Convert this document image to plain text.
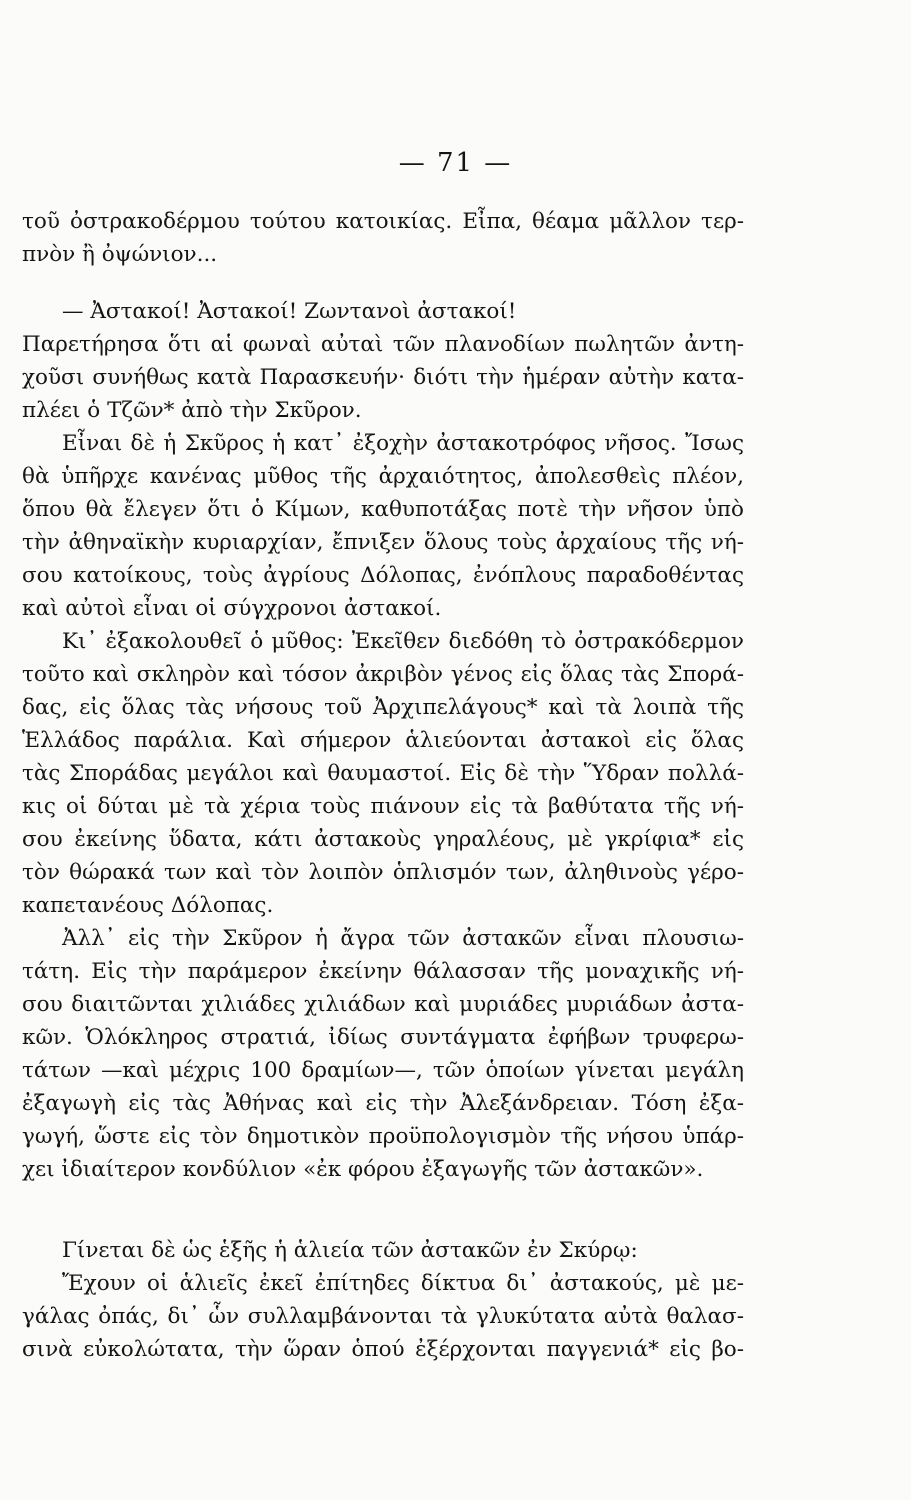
— 71 —
τοῦ ὀστρακοδέρμου τούτου κατοικίας. Εἶπα, θέαμα μᾶλλον τερ-
πνὸν ἢ ὀψώνιον...
— Ἀστακοί! Ἀστακοί! Ζωντανοὶ ἀστακοί!
Παρετήρησα ὅτι αἱ φωναὶ αὐταὶ τῶν πλανοδίων πωλητῶν ἀντη-
χοῦσι συνήθως κατὰ Παρασκευήν· διότι τὴν ἡμέραν αὐτὴν κατα-
πλέει ὁ Τζῶν* ἀπὸ τὴν Σκῦρον.
Εἶναι δὲ ἡ Σκῦρος ἡ κατ᾽ ἐξοχὴν ἀστακοτρόφος νῆσος. Ἴσως
θὰ ὑπῆρχε κανένας μῦθος τῆς ἀρχαιότητος, ἀπολεσθεὶς πλέον,
ὅπου θὰ ἔλεγεν ὅτι ὁ Κίμων, καθυποτάξας ποτὲ τὴν νῆσον ὑπὸ
τὴν ἀθηναϊκὴν κυριαρχίαν, ἔπνιξεν ὅλους τοὺς ἀρχαίους τῆς νή-
σου κατοίκους, τοὺς ἀγρίους Δόλοπας, ἐνόπλους παραδοθέντας
καὶ αὐτοὶ εἶναι οἱ σύγχρονοι ἀστακοί.
Κι᾽ ἐξακολουθεῖ ὁ μῦθος: Ἐκεῖθεν διεδόθη τὸ ὀστρακόδερμον
τοῦτο καὶ σκληρὸν καὶ τόσον ἀκριβὸν γένος εἰς ὅλας τὰς Σπορά-
δας, εἰς ὅλας τὰς νήσους τοῦ Ἀρχιπελάγους* καὶ τὰ λοιπὰ τῆς
Ἑλλάδος παράλια. Καὶ σήμερον ἁλιεύονται ἀστακοὶ εἰς ὅλας
τὰς Σποράδας μεγάλοι καὶ θαυμαστοί. Εἰς δὲ τὴν Ὕδραν πολλά-
κις οἱ δύται μὲ τὰ χέρια τοὺς πιάνουν εἰς τὰ βαθύτατα τῆς νή-
σου ἐκείνης ὕδατα, κάτι ἀστακοὺς γηραλέους, μὲ γκρίφια* εἰς
τὸν θώρακά των καὶ τὸν λοιπὸν ὁπλισμόν των, ἀληθινοὺς γέρο-
καπετανέους Δόλοπας.
Ἀλλ᾽ εἰς τὴν Σκῦρον ἡ ἄγρα τῶν ἀστακῶν εἶναι πλουσιω-
τάτη. Εἰς τὴν παράμερον ἐκείνην θάλασσαν τῆς μοναχικῆς νή-
σου διαιτῶνται χιλιάδες χιλιάδων καὶ μυριάδες μυριάδων ἀστα-
κῶν. Ὁλόκληρος στρατιά, ἰδίως συντάγματα ἐφήβων τρυφερω-
τάτων —καὶ μέχρις 100 δραμίων—, τῶν ὁποίων γίνεται μεγάλη
ἐξαγωγὴ εἰς τὰς Ἀθήνας καὶ εἰς τὴν Ἀλεξάνδρειαν. Τόση ἐξα-
γωγή, ὥστε εἰς τὸν δημοτικὸν προϋπολογισμὸν τῆς νήσου ὑπάρ-
χει ἰδιαίτερον κονδύλιον «ἐκ φόρου ἐξαγωγῆς τῶν ἀστακῶν».
Γίνεται δὲ ὡς ἑξῆς ἡ ἁλιεία τῶν ἀστακῶν ἐν Σκύρῳ:
Ἔχουν οἱ ἁλιεῖς ἐκεῖ ἐπίτηδες δίκτυα δι᾽ ἀστακούς, μὲ με-
γάλας ὀπάς, δι᾽ ὧν συλλαμβάνονται τὰ γλυκύτατα αὐτὰ θαλασ-
σινὰ εὐκολώτατα, τὴν ὥραν ὁπού ἐξέρχονται παγγενιά* εἰς βο-
